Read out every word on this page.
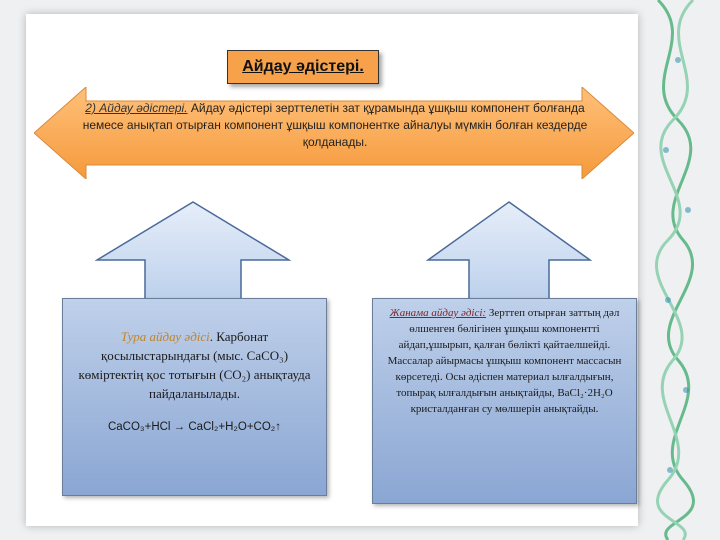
Айдау әдістері.
2) Айдау әдістері. Айдау әдістері зерттелетін зат құрамында ұшқыш компонент болғанда немесе анықтап отырған компонент ұшқыш компонентке айналуы мүмкін болған кездерде қолданады.
Тура айдау әдісі. Карбонат қосылыстарындағы (мыс. CaCO₃) көміртектің қос тотығын (CO₂) анықтауда пайдаланылады.
CaCO₃+HCl → CaCl₂+H₂O+CO₂↑
Жанама айдау әдісі: Зерттеп отырған заттың дәл өлшенген бөлігінен ұшқыш компонентті айдап,ұшырып, қалған бөлікті қайтаелшейді. Массалар айырмасы ұшқыш компонент массасын көрсетеді. Осы әдіспен материал ылғалдығын, топырақ ылғалдығын анықтайды, BaCl₂·2H₂O кристалданған су мөлшерін анықтайды.
